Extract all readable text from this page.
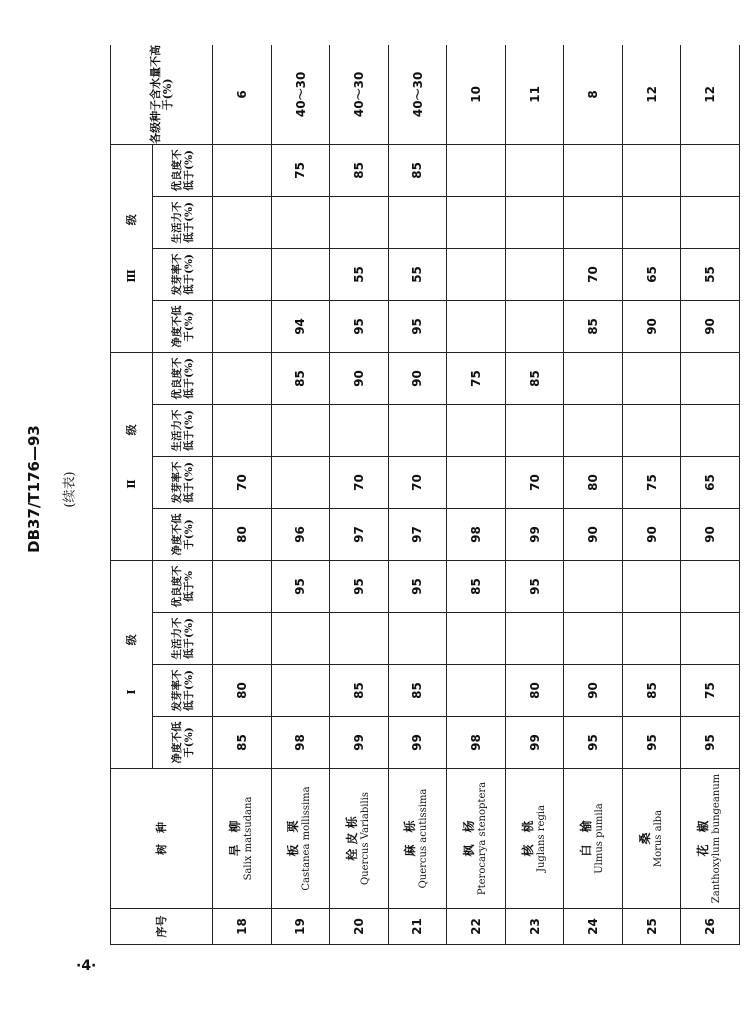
DB37/T176—93	(续表)
·4·
序号	树　种	Ⅰ　　　　级				Ⅱ　　　　级				Ⅲ　　　　级				各级种子含水量不高于(%)
		净度不低于(%)	发芽率不低于(%)	生活力不低于(%)	优良度不低于%	净度不低于(%)	发芽率不低于(%)	生活力不低于(%)	优良度不低于(%)	净度不低于(%)	发芽率不低于(%)	生活力不低于(%)	优良度不低于(%)	
18	旱　柳 Salix matsudana	85	80			80	70							6
19	板　栗 Castanea mollissima	98			95	96			85	94			75	40～30
20	栓 皮 栎 Quercus Variabilis	99	85		95	97	70		90	95	55		85	40～30
21	麻　栎 Quercus acutissima	99	85		95	97	70		90	95	55		85	40～30
22	枫　杨 Pterocarya stenoptera	98			85	98			75					10
23	核　桃 Juglans regia	99	80		95	99	70		85					11
24	白　榆 Ulmus pumila	95	90			90	80			85	70			8
25	桑 Morus alba	95	85			90	75			90	65			12
26	花　椒 Zanthoxylum bungeanum	95	75			90	65			90	55			12
